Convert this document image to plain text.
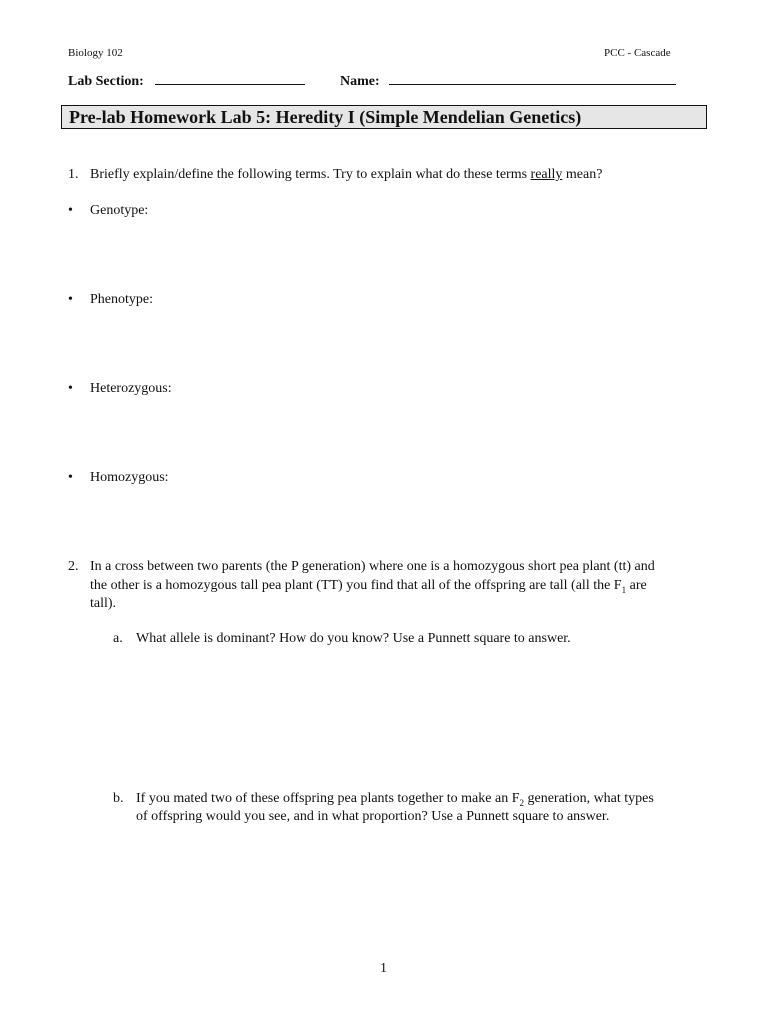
Biology 102	PCC - Cascade
Lab Section:	Name:
Pre-lab Homework Lab 5: Heredity I (Simple Mendelian Genetics)
1. Briefly explain/define the following terms. Try to explain what do these terms really mean?
•	Genotype:
•	Phenotype:
•	Heterozygous:
•	Homozygous:
2. In a cross between two parents (the P generation) where one is a homozygous short pea plant (tt) and
the other is a homozygous tall pea plant (TT) you find that all of the offspring are tall (all the $F_1$ are
tall).
a. What allele is dominant? How do you know? Use a Punnett square to answer.
b. If you mated two of these offspring pea plants together to make an $F_2$ generation, what types
of offspring would you see, and in what proportion? Use a Punnett square to answer.
1
